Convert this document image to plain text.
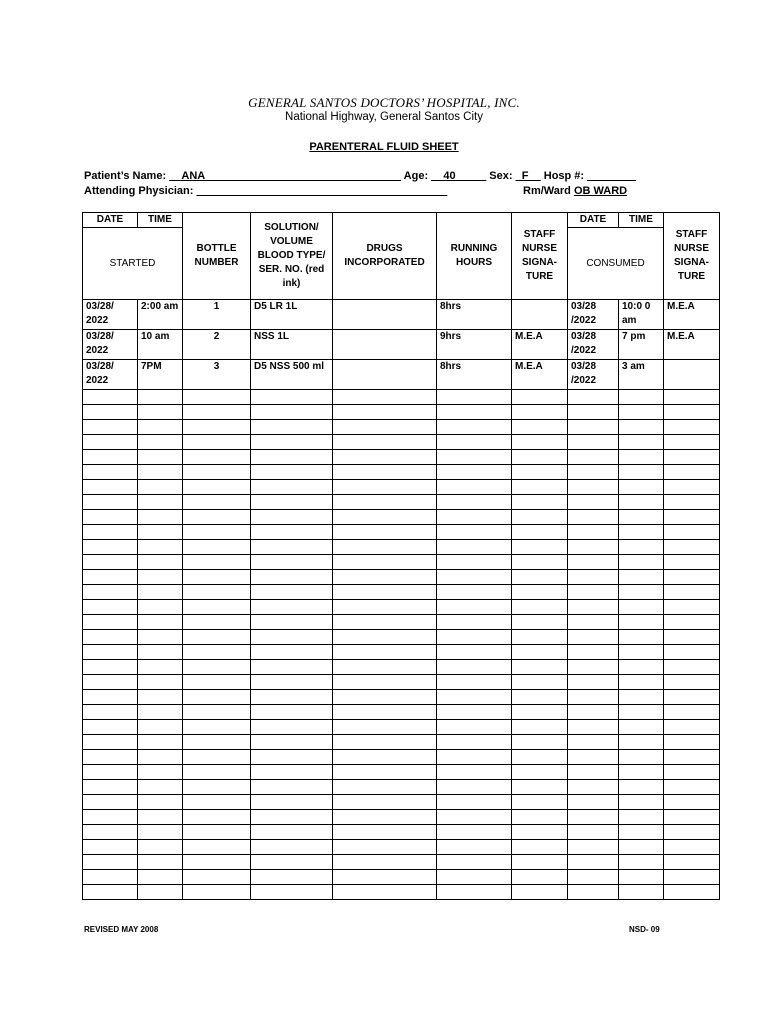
GENERAL SANTOS DOCTORS’ HOSPITAL, INC.
National Highway, General Santos City
PARENTERAL FLUID SHEET
Patient’s Name: __ANA________________________________ Age: __40_____ Sex: _F__ Hosp #: ________
Attending Physician: _________________________________________	Rm/Ward OB WARD
DATE	TIME	BOTTLE NUMBER	SOLUTION/ VOLUME BLOOD TYPE/ SER. NO. (red ink)	DRUGS INCORPORATED	RUNNING HOURS	STAFF NURSE SIGNA- TURE	DATE	TIME	STAFF NURSE SIGNA- TURE
STARTED							CONSUMED		
03/28/ 2022	2:00 am	1	D5 LR 1L		8hrs		03/28 /2022	10:0 0 am	M.E.A
03/28/ 2022	10 am	2	NSS 1L		9hrs	M.E.A	03/28 /2022	7 pm	M.E.A
03/28/ 2022	7PM	3	D5 NSS 500 ml		8hrs	M.E.A	03/28 /2022	3 am	

REVISED MAY 2008	NSD- 09
